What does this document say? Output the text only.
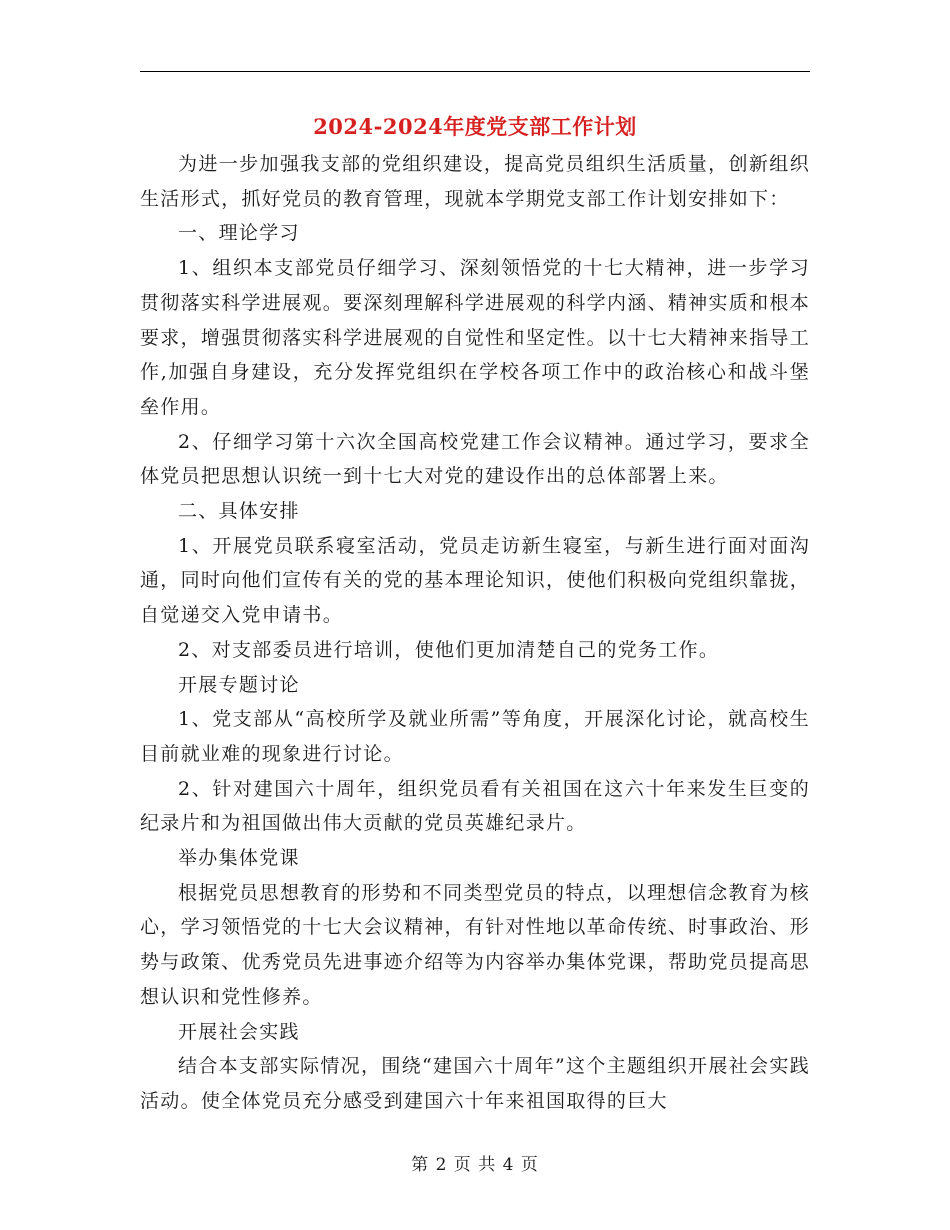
2024-2024年度党支部工作计划

为进一步加强我支部的党组织建设，提高党员组织生活质量，创新组织生活形式，抓好党员的教育管理，现就本学期党支部工作计划安排如下：

一、理论学习

1、组织本支部党员仔细学习、深刻领悟党的十七大精神，进一步学习贯彻落实科学进展观。要深刻理解科学进展观的科学内涵、精神实质和根本要求，增强贯彻落实科学进展观的自觉性和坚定性。以十七大精神来指导工作,加强自身建设，充分发挥党组织在学校各项工作中的政治核心和战斗堡垒作用。

2、仔细学习第十六次全国高校党建工作会议精神。通过学习，要求全体党员把思想认识统一到十七大对党的建设作出的总体部署上来。

二、具体安排

1、开展党员联系寝室活动，党员走访新生寝室，与新生进行面对面沟通，同时向他们宣传有关的党的基本理论知识，使他们积极向党组织靠拢，自觉递交入党申请书。

2、对支部委员进行培训，使他们更加清楚自己的党务工作。

开展专题讨论

1、党支部从“高校所学及就业所需”等角度，开展深化讨论，就高校生目前就业难的现象进行讨论。

2、针对建国六十周年，组织党员看有关祖国在这六十年来发生巨变的纪录片和为祖国做出伟大贡献的党员英雄纪录片。

举办集体党课

根据党员思想教育的形势和不同类型党员的特点，以理想信念教育为核心，学习领悟党的十七大会议精神，有针对性地以革命传统、时事政治、形势与政策、优秀党员先进事迹介绍等为内容举办集体党课，帮助党员提高思想认识和党性修养。

开展社会实践

结合本支部实际情况，围绕“建国六十周年”这个主题组织开展社会实践活动。使全体党员充分感受到建国六十年来祖国取得的巨大

第 2 页 共 4 页
